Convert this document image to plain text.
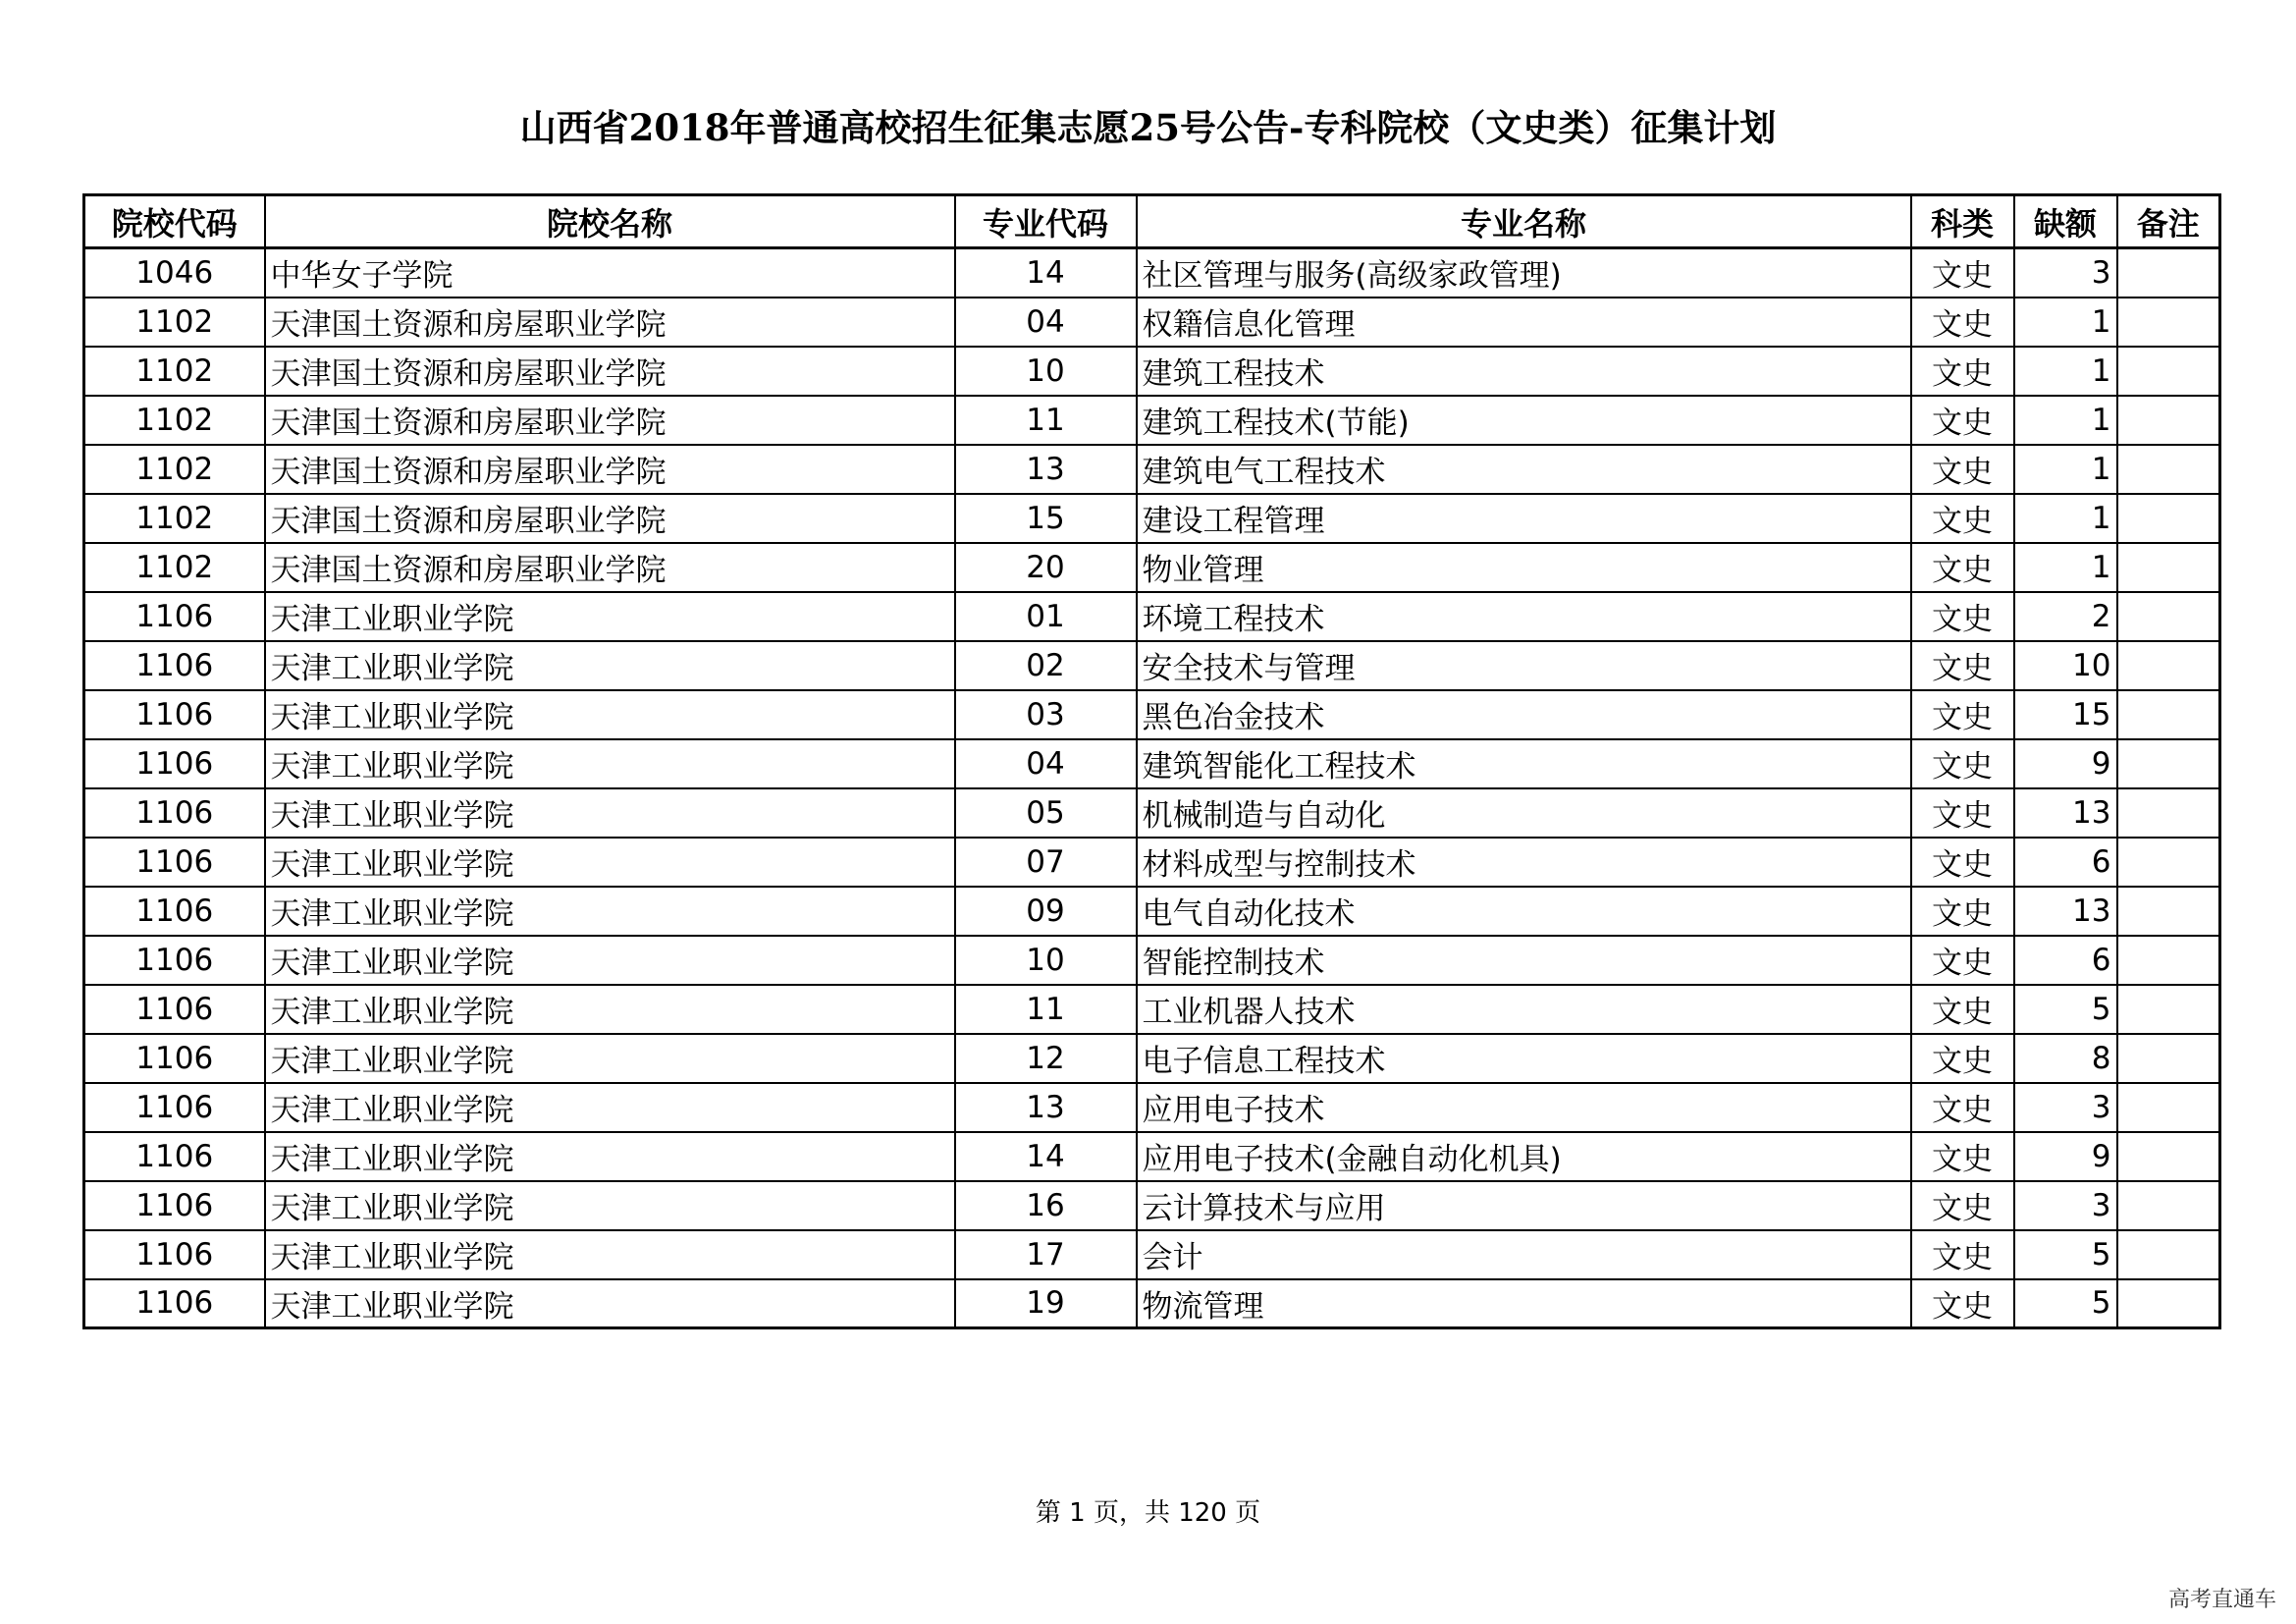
山西省2018年普通高校招生征集志愿25号公告-专科院校（文史类）征集计划
院校代码	院校名称	专业代码	专业名称	科类	缺额	备注
1046	中华女子学院	14	社区管理与服务(高级家政管理)	文史	3	
1102	天津国土资源和房屋职业学院	04	权籍信息化管理	文史	1	
1102	天津国土资源和房屋职业学院	10	建筑工程技术	文史	1	
1102	天津国土资源和房屋职业学院	11	建筑工程技术(节能)	文史	1	
1102	天津国土资源和房屋职业学院	13	建筑电气工程技术	文史	1	
1102	天津国土资源和房屋职业学院	15	建设工程管理	文史	1	
1102	天津国土资源和房屋职业学院	20	物业管理	文史	1	
1106	天津工业职业学院	01	环境工程技术	文史	2	
1106	天津工业职业学院	02	安全技术与管理	文史	10	
1106	天津工业职业学院	03	黑色冶金技术	文史	15	
1106	天津工业职业学院	04	建筑智能化工程技术	文史	9	
1106	天津工业职业学院	05	机械制造与自动化	文史	13	
1106	天津工业职业学院	07	材料成型与控制技术	文史	6	
1106	天津工业职业学院	09	电气自动化技术	文史	13	
1106	天津工业职业学院	10	智能控制技术	文史	6	
1106	天津工业职业学院	11	工业机器人技术	文史	5	
1106	天津工业职业学院	12	电子信息工程技术	文史	8	
1106	天津工业职业学院	13	应用电子技术	文史	3	
1106	天津工业职业学院	14	应用电子技术(金融自动化机具)	文史	9	
1106	天津工业职业学院	16	云计算技术与应用	文史	3	
1106	天津工业职业学院	17	会计	文史	5	
1106	天津工业职业学院	19	物流管理	文史	5	
第 1 页，共 120 页
高考直通车
